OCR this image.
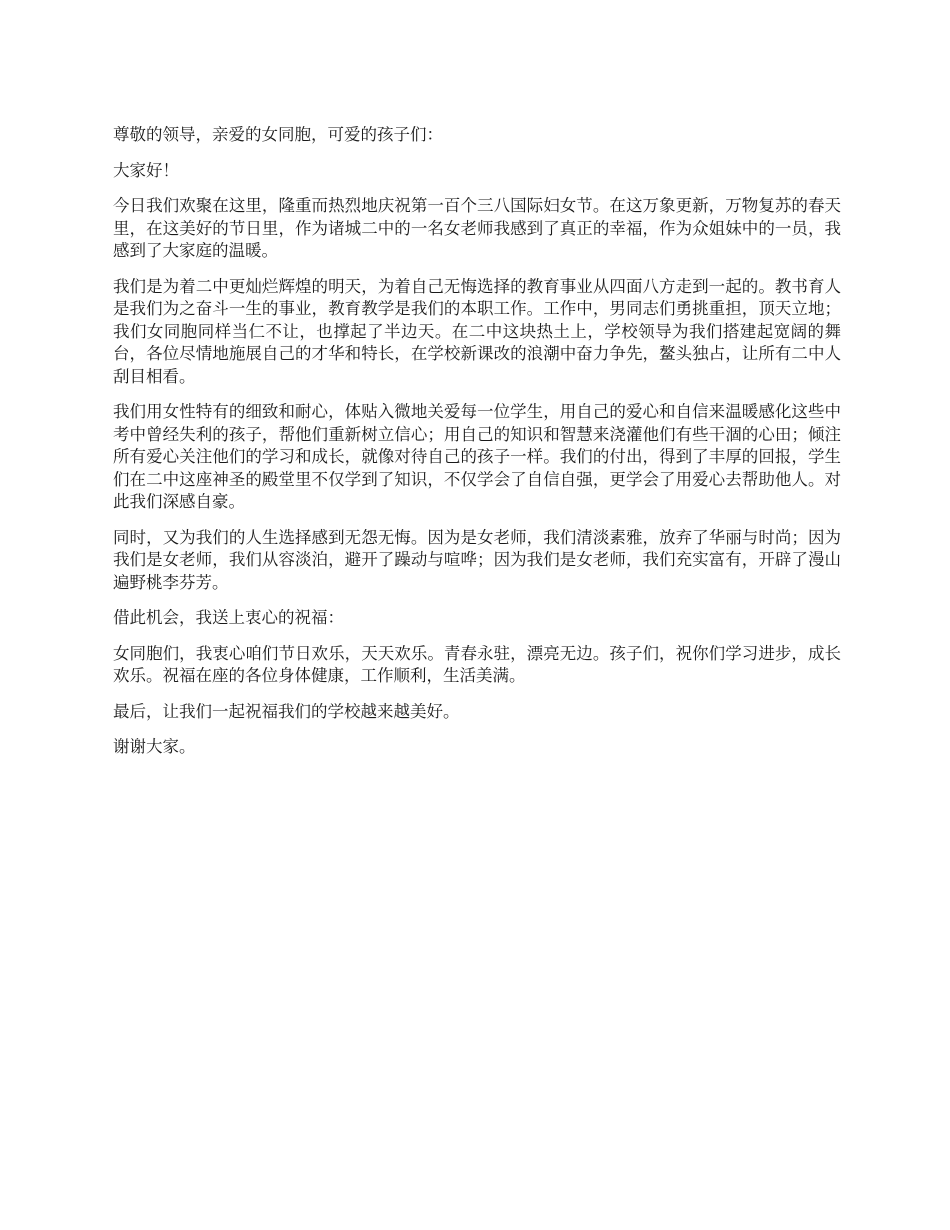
尊敬的领导，亲爱的女同胞，可爱的孩子们：

大家好！

今日我们欢聚在这里，隆重而热烈地庆祝第一百个三八国际妇女节。在这万象更新，万物复苏的春天里，在这美好的节日里，作为诸城二中的一名女老师我感到了真正的幸福，作为众姐妹中的一员，我感到了大家庭的温暖。

我们是为着二中更灿烂辉煌的明天，为着自己无悔选择的教育事业从四面八方走到一起的。教书育人是我们为之奋斗一生的事业，教育教学是我们的本职工作。工作中，男同志们勇挑重担，顶天立地；我们女同胞同样当仁不让，也撑起了半边天。在二中这块热土上，学校领导为我们搭建起宽阔的舞台，各位尽情地施展自己的才华和特长，在学校新课改的浪潮中奋力争先，鳌头独占，让所有二中人刮目相看。

我们用女性特有的细致和耐心，体贴入微地关爱每一位学生，用自己的爱心和自信来温暖感化这些中考中曾经失利的孩子，帮他们重新树立信心；用自己的知识和智慧来浇灌他们有些干涸的心田；倾注所有爱心关注他们的学习和成长，就像对待自己的孩子一样。我们的付出，得到了丰厚的回报，学生们在二中这座神圣的殿堂里不仅学到了知识，不仅学会了自信自强，更学会了用爱心去帮助他人。对此我们深感自豪。

同时，又为我们的人生选择感到无怨无悔。因为是女老师，我们清淡素雅，放弃了华丽与时尚；因为我们是女老师，我们从容淡泊，避开了躁动与喧哗；因为我们是女老师，我们充实富有，开辟了漫山遍野桃李芬芳。

借此机会，我送上衷心的祝福：

女同胞们，我衷心咱们节日欢乐，天天欢乐。青春永驻，漂亮无边。孩子们，祝你们学习进步，成长欢乐。祝福在座的各位身体健康，工作顺利，生活美满。

最后，让我们一起祝福我们的学校越来越美好。

谢谢大家。
